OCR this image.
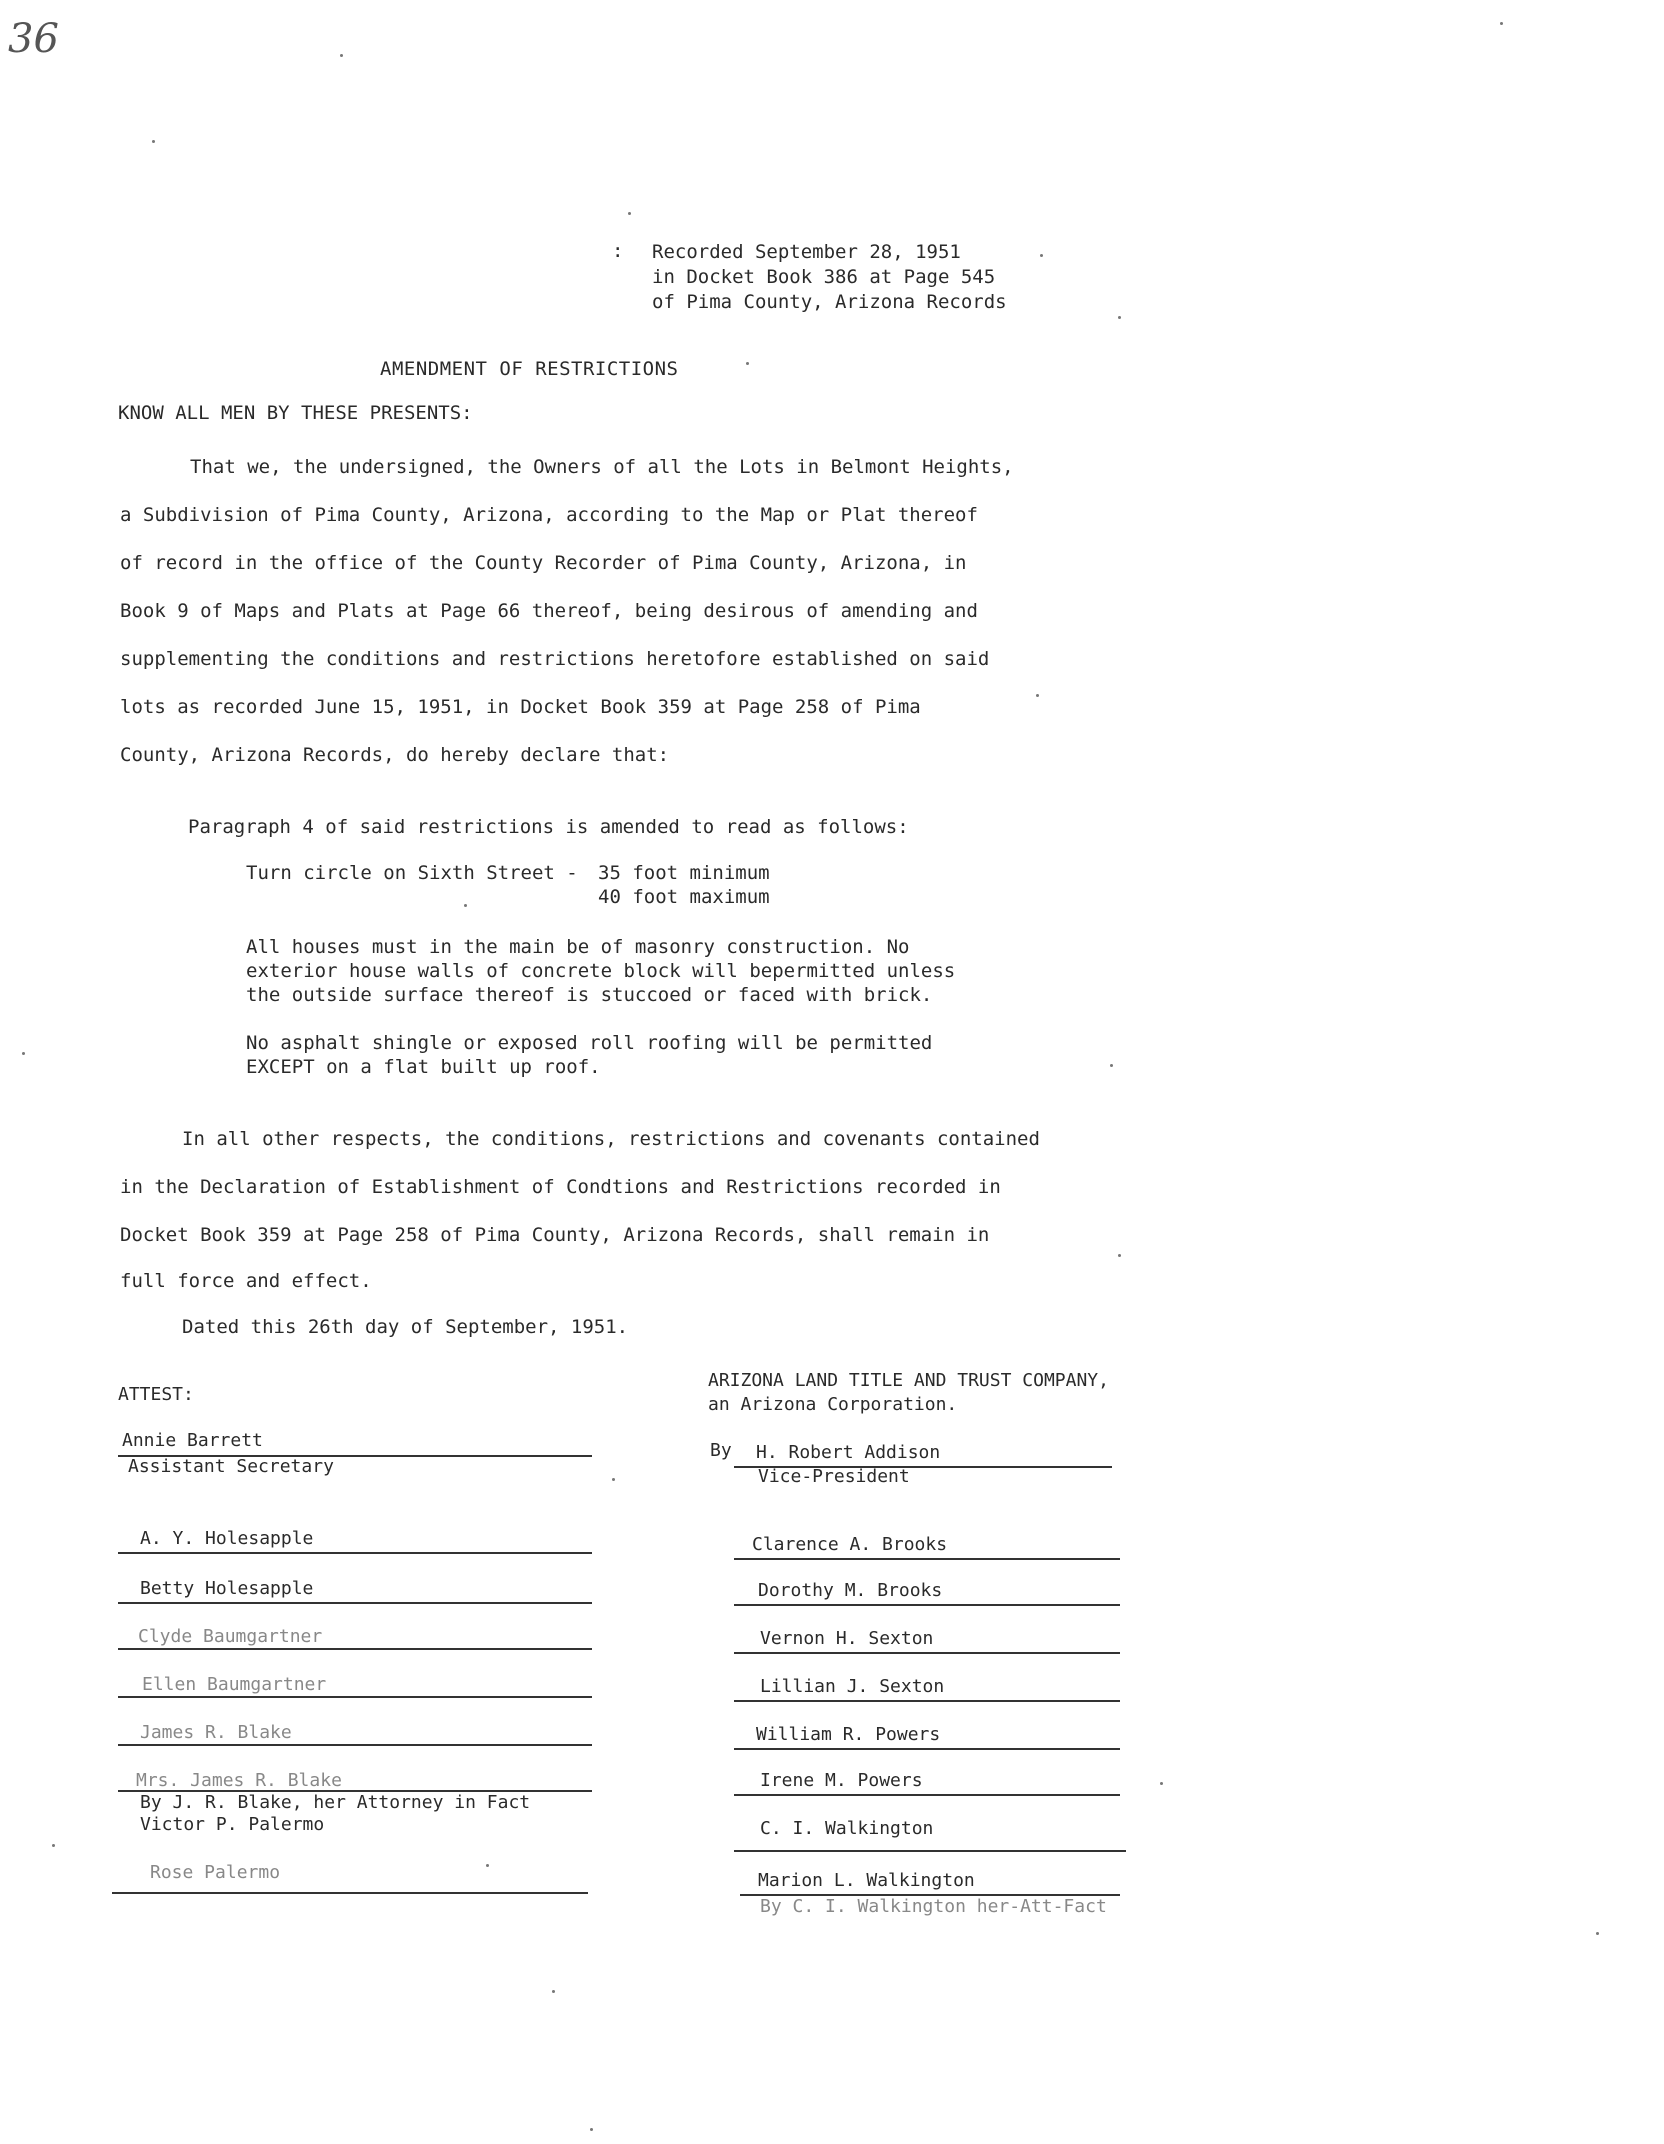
36
: Recorded September 28, 1951
in Docket Book 386 at Page 545
of Pima County, Arizona Records
AMENDMENT OF RESTRICTIONS
KNOW ALL MEN BY THESE PRESENTS:
That we, the undersigned, the Owners of all the Lots in Belmont Heights,
a Subdivision of Pima County, Arizona, according to the Map or Plat thereof
of record in the office of the County Recorder of Pima County, Arizona, in
Book 9 of Maps and Plats at Page 66 thereof, being desirous of amending and
supplementing the conditions and restrictions heretofore established on said
lots as recorded June 15, 1951, in Docket Book 359 at Page 258 of Pima
County, Arizona Records, do hereby declare that:
Paragraph 4 of said restrictions is amended to read as follows:
Turn circle on Sixth Street - 35 foot minimum
40 foot maximum
All houses must in the main be of masonry construction. No
exterior house walls of concrete block will bepermitted unless
the outside surface thereof is stuccoed or faced with brick.
No asphalt shingle or exposed roll roofing will be permitted
EXCEPT on a flat built up roof.
In all other respects, the conditions, restrictions and covenants contained
in the Declaration of Establishment of Condtions and Restrictions recorded in
Docket Book 359 at Page 258 of Pima County, Arizona Records, shall remain in
full force and effect.
Dated this 26th day of September, 1951.
ATTEST:
ARIZONA LAND TITLE AND TRUST COMPANY,
an Arizona Corporation.
Annie Barrett
Assistant Secretary
By H. Robert Addison
Vice-President
A. Y. Holesapple
Betty Holesapple
Clyde Baumgartner
Ellen Baumgartner
James R. Blake
Mrs. James R. Blake
By J. R. Blake, her Attorney in Fact
Victor P. Palermo
Rose Palermo
Clarence A. Brooks
Dorothy M. Brooks
Vernon H. Sexton
Lillian J. Sexton
William R. Powers
Irene M. Powers
C. I. Walkington
Marion L. Walkington
By C. I. Walkington her-Att-Fact
